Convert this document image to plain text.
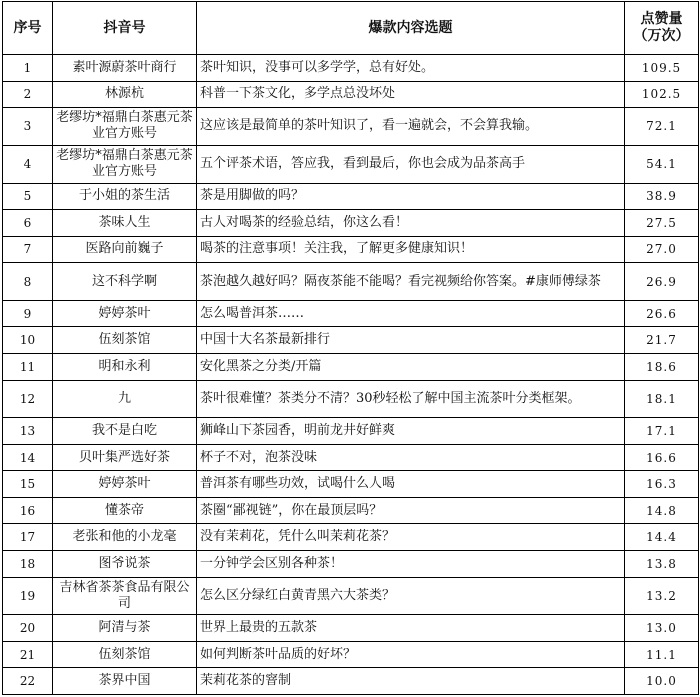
序号	抖音号	爆款内容选题	点赞量
（万次）
1	素叶源蔚茶叶商行	茶叶知识，没事可以多学学，总有好处。	109.5
2	林源杭	科普一下茶文化，多学点总没坏处	102.5
3	老缪坊*福鼎白茶惠元茶业官方账号	这应该是最简单的茶叶知识了，看一遍就会，不会算我输。	72.1
4	老缪坊*福鼎白茶惠元茶业官方账号	五个评茶术语，答应我，看到最后，你也会成为品茶高手	54.1
5	于小姐的茶生活	茶是用脚做的吗？	38.9
6	茶味人生	古人对喝茶的经验总结，你这么看！	27.5
7	医路向前巍子	喝茶的注意事项！关注我，了解更多健康知识！	27.0
8	这不科学啊	茶泡越久越好吗？隔夜茶能不能喝？看完视频给你答案。#康师傅绿茶	26.9
9	婷婷茶叶	怎么喝普洱茶……	26.6
10	伍刻茶馆	中国十大名茶最新排行	21.7
11	明和永利	安化黑茶之分类/开篇	18.6
12	九	茶叶很难懂？茶类分不清？30秒轻松了解中国主流茶叶分类框架。	18.1
13	我不是白吃	狮峰山下茶园香，明前龙井好鲜爽	17.1
14	贝叶集严选好茶	杯子不对，泡茶没味	16.6
15	婷婷茶叶	普洱茶有哪些功效，试喝什么人喝	16.3
16	懂茶帝	茶圈“鄙视链”，你在最顶层吗？	14.8
17	老张和他的小龙毫	没有茉莉花，凭什么叫茉莉花茶？	14.4
18	图爷说茶	一分钟学会区别各种茶！	13.8
19	吉林省茶茶食品有限公司	怎么区分绿红白黄青黑六大茶类？	13.2
20	阿清与茶	世界上最贵的五款茶	13.0
21	伍刻茶馆	如何判断茶叶品质的好坏？	11.1
22	茶界中国	茉莉花茶的窨制	10.0
